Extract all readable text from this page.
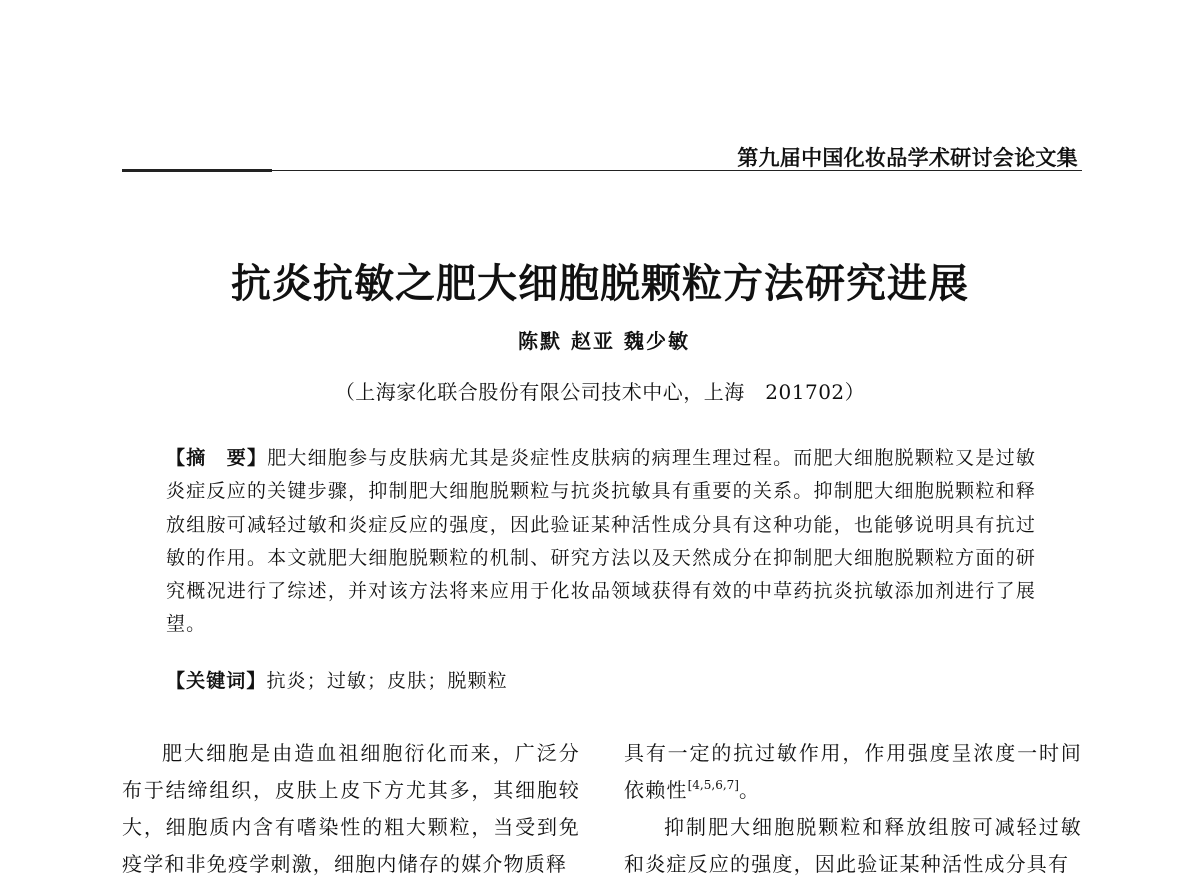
第九届中国化妆品学术研讨会论文集
抗炎抗敏之肥大细胞脱颗粒方法研究进展
陈默 赵亚 魏少敏
（上海家化联合股份有限公司技术中心，上海　201702）
【摘　要】肥大细胞参与皮肤病尤其是炎症性皮肤病的病理生理过程。而肥大细胞脱颗粒又是过敏炎症反应的关键步骤，抑制肥大细胞脱颗粒与抗炎抗敏具有重要的关系。抑制肥大细胞脱颗粒和释放组胺可减轻过敏和炎症反应的强度，因此验证某种活性成分具有这种功能，也能够说明具有抗过敏的作用。本文就肥大细胞脱颗粒的机制、研究方法以及天然成分在抑制肥大细胞脱颗粒方面的研究概况进行了综述，并对该方法将来应用于化妆品领域获得有效的中草药抗炎抗敏添加剂进行了展望。
【关键词】抗炎；过敏；皮肤；脱颗粒

肥大细胞是由造血祖细胞衍化而来，广泛分布于结缔组织，皮肤上皮下方尤其多，其细胞较大，细胞质内含有嗜染性的粗大颗粒，当受到免疫学和非免疫学刺激，细胞内储存的媒介物质释

具有一定的抗过敏作用，作用强度呈浓度一时间依赖性[4,5,6,7]。

抑制肥大细胞脱颗粒和释放组胺可减轻过敏和炎症反应的强度，因此验证某种活性成分具有
